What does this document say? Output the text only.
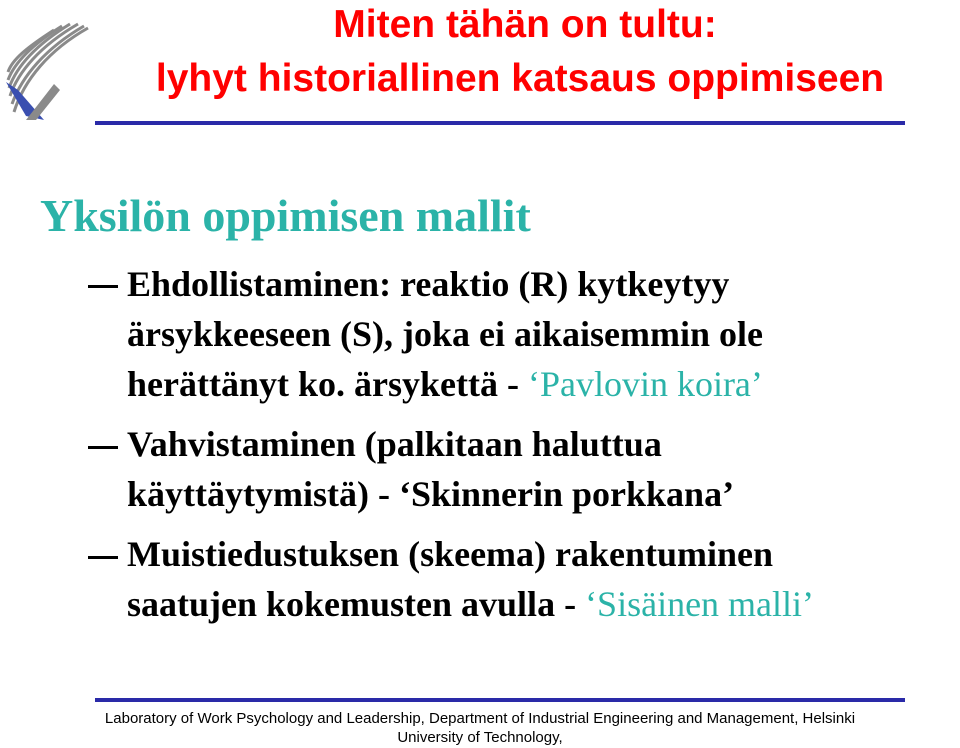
Miten tähän on tultu:
lyhyt historiallinen katsaus oppimiseen
Yksilön oppimisen mallit
Ehdollistaminen: reaktio (R) kytkeytyy
ärsykkeeseen (S), joka ei aikaisemmin ole
herättänyt ko. ärsykettä - ‘Pavlovin koira’
Vahvistaminen (palkitaan haluttua
käyttäytymistä) - ‘Skinnerin porkkana’
Muistiedustuksen (skeema) rakentuminen
saatujen kokemusten avulla - ‘Sisäinen malli’
Laboratory of Work Psychology and Leadership, Department of Industrial Engineering and Management, Helsinki
University of Technology,
